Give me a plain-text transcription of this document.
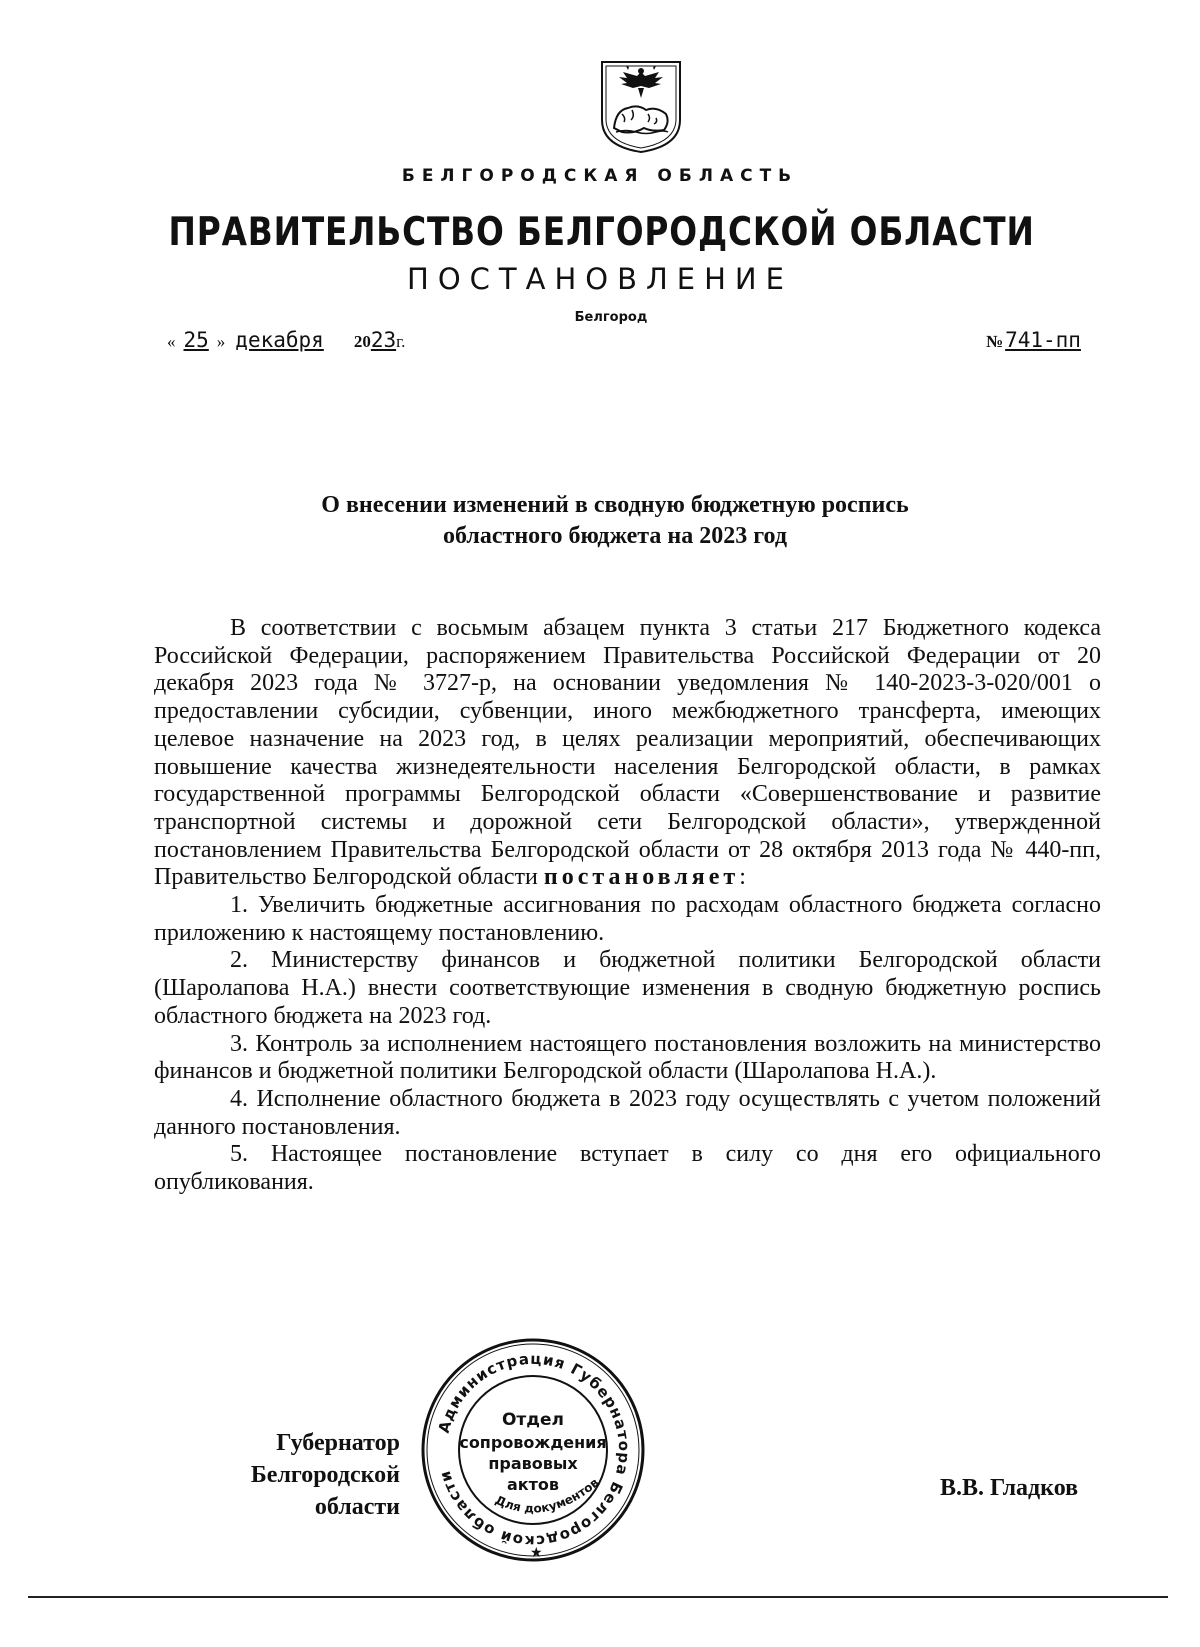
БЕЛГОРОДСКАЯ ОБЛАСТЬ
ПРАВИТЕЛЬСТВО БЕЛГОРОДСКОЙ ОБЛАСТИ
ПОСТАНОВЛЕНИЕ
Белгород
« 25 » декабря 2023г.	№741-пп
О внесении изменений в сводную бюджетную роспись
областного бюджета на 2023 год

В соответствии с восьмым абзацем пункта 3 статьи 217 Бюджетного кодекса Российской Федерации, распоряжением Правительства Российской Федерации от 20 декабря 2023 года № 3727-р, на основании уведомления № 140-2023-3-020/001 о предоставлении субсидии, субвенции, иного межбюджетного трансферта, имеющих целевое назначение на 2023 год, в целях реализации мероприятий, обеспечивающих повышение качества жизнедеятельности населения Белгородской области, в рамках государственной программы Белгородской области «Совершенствование и развитие транспортной системы и дорожной сети Белгородской области», утвержденной постановлением Правительства Белгородской области от 28 октября 2013 года № 440-пп, Правительство Белгородской области постановляет:

1. Увеличить бюджетные ассигнования по расходам областного бюджета согласно приложению к настоящему постановлению.

2. Министерству финансов и бюджетной политики Белгородской области (Шаролапова Н.А.) внести соответствующие изменения в сводную бюджетную роспись областного бюджета на 2023 год.

3. Контроль за исполнением настоящего постановления возложить на министерство финансов и бюджетной политики Белгородской области (Шаролапова Н.А.).

4. Исполнение областного бюджета в 2023 году осуществлять с учетом положений данного постановления.

5. Настоящее постановление вступает в силу со дня его официального опубликования.

Губернатор
Белгородской области
В.В. Гладков
Администрация Губернатора Белгородской области
Для документов
Отдел
сопровождения
правовых
актов
★
